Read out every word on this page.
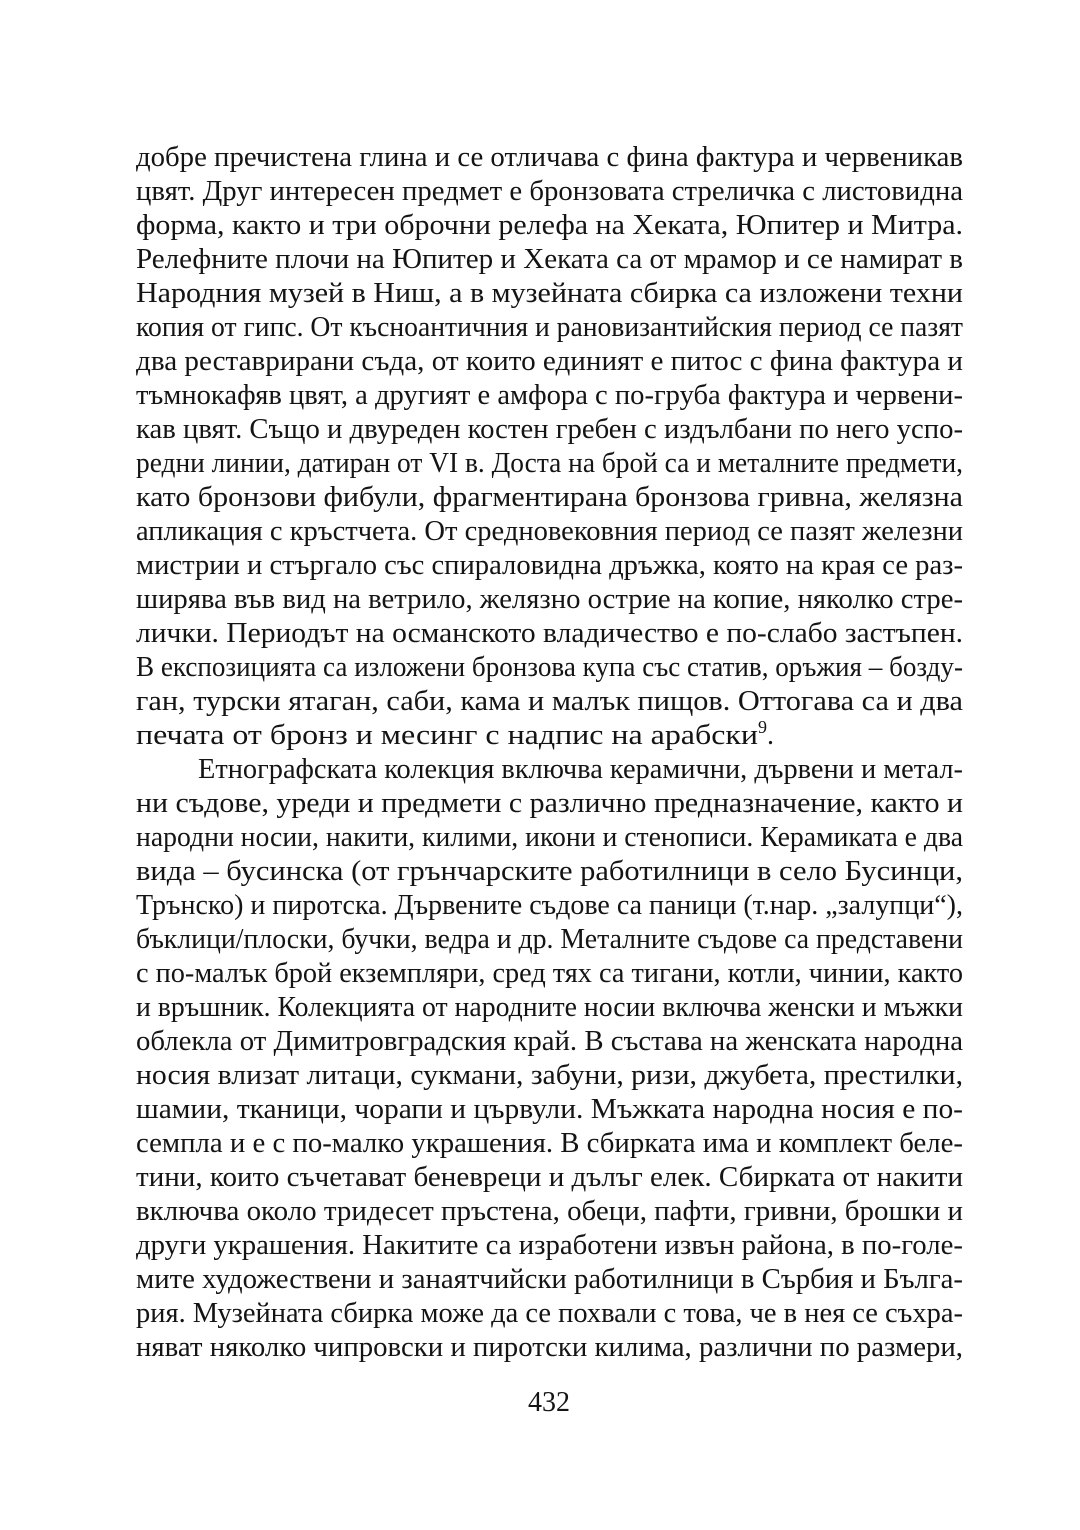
добре пречистена глина и се отличава с фина фактура и червеникав
цвят. Друг интересен предмет е бронзовата стреличка с листовидна
форма, както и три оброчни релефа на Хеката, Юпитер и Митра.
Релефните плочи на Юпитер и Хеката са от мрамор и се намират в
Народния музей в Ниш, а в музейната сбирка са изложени техни
копия от гипс. От късноантичния и рановизантийския период се пазят
два реставрирани съда, от които единият е питос с фина фактура и
тъмнокафяв цвят, а другият е амфора с по-груба фактура и червени-
кав цвят. Също и двуреден костен гребен с издълбани по него успо-
редни линии, датиран от VI в. Доста на брой са и металните предмети,
като бронзови фибули, фрагментирана бронзова гривна, желязна
апликация с кръстчета. От средновековния период се пазят железни
мистрии и стъргало със спираловидна дръжка, която на края се раз-
ширява във вид на ветрило, желязно острие на копие, няколко стре-
лички. Периодът на османското владичество е по-слабо застъпен.
В експозицията са изложени бронзова купа със статив, оръжия – бозду-
ган, турски ятаган, саби, кама и малък пищов. Оттогава са и два
печата от бронз и месинг с надпис на арабски$^9$.
Етнографската колекция включва керамични, дървени и метал-
ни съдове, уреди и предмети с различно предназначение, както и
народни носии, накити, килими, икони и стенописи. Керамиката е два
вида – бусинска (от грънчарските работилници в село Бусинци,
Трънско) и пиротска. Дървените съдове са паници (т.нар. „залупци“),
бъклици/плоски, бучки, ведра и др. Металните съдове са представени
с по-малък брой екземпляри, сред тях са тигани, котли, чинии, както
и връшник. Колекцията от народните носии включва женски и мъжки
облекла от Димитровградския край. В състава на женската народна
носия влизат литаци, сукмани, забуни, ризи, джубета, престилки,
шамии, тканици, чорапи и цървули. Мъжката народна носия е по-
семпла и е с по-малко украшения. В сбирката има и комплект беле-
тини, които съчетават беневреци и дълъг елек. Сбирката от накити
включва около тридесет пръстена, обеци, пафти, гривни, брошки и
други украшения. Накитите са изработени извън района, в по-голе-
мите художествени и занаятчийски работилници в Сърбия и Бълга-
рия. Музейната сбирка може да се похвали с това, че в нея се съхра-
няват няколко чипровски и пиротски килима, различни по размери,
432
